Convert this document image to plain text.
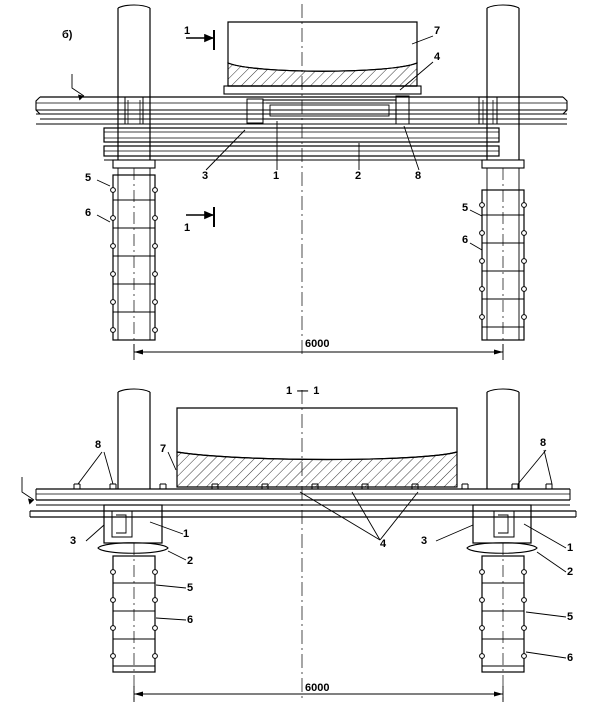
б)	1
1
3	1	2	8
7
4
5
6	5
6
6000
1 — 1
8	7
3
1
2
5
6
4
8
3
1
2
5
6
6000
